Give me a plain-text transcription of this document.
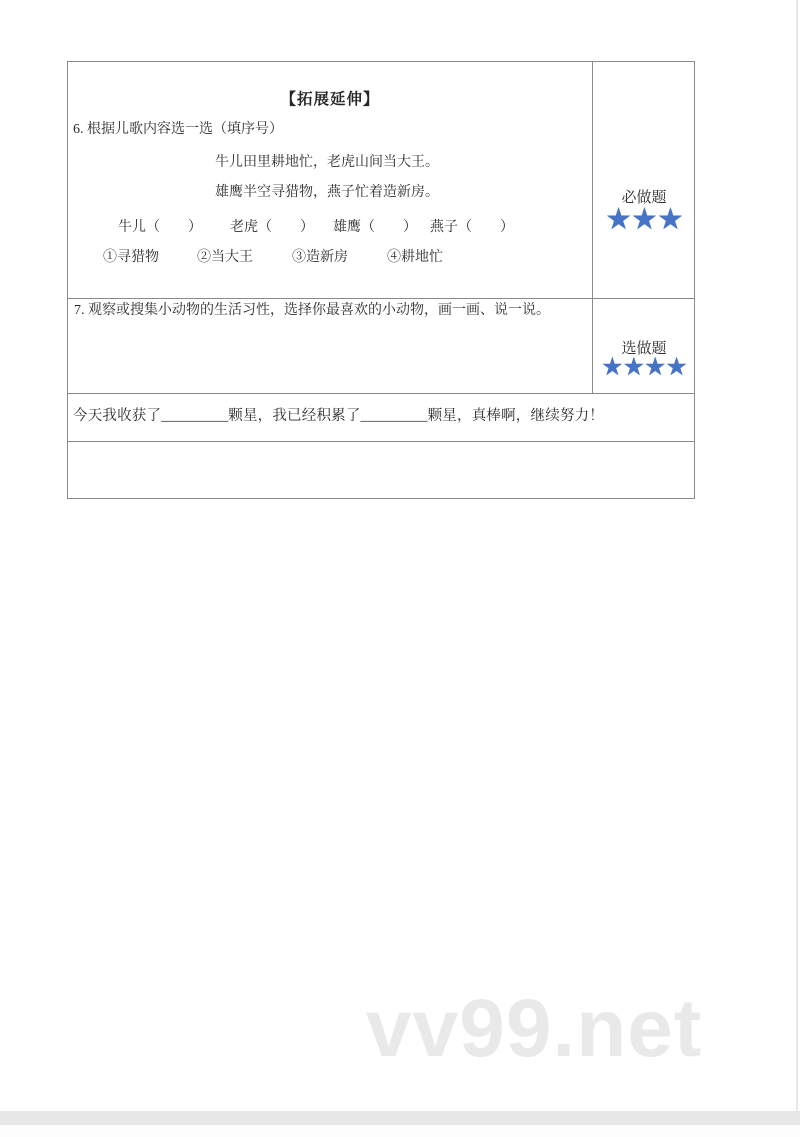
【拓展延伸】
6. 根据儿歌内容选一选（填序号）
牛儿田里耕地忙，老虎山间当大王。
雄鹰半空寻猎物，燕子忙着造新房。
牛儿（　　） 老虎（　　） 雄鹰（　　） 燕子（　　）
①寻猎物	②当大王	③造新房	④耕地忙
必做题
★★★
7. 观察或搜集小动物的生活习性，选择你最喜欢的小动物，画一画、说一说。
选做题
★★★★
今天我收获了_________颗星，我已经积累了_________颗星，真棒啊，继续努力！
vv99.net
